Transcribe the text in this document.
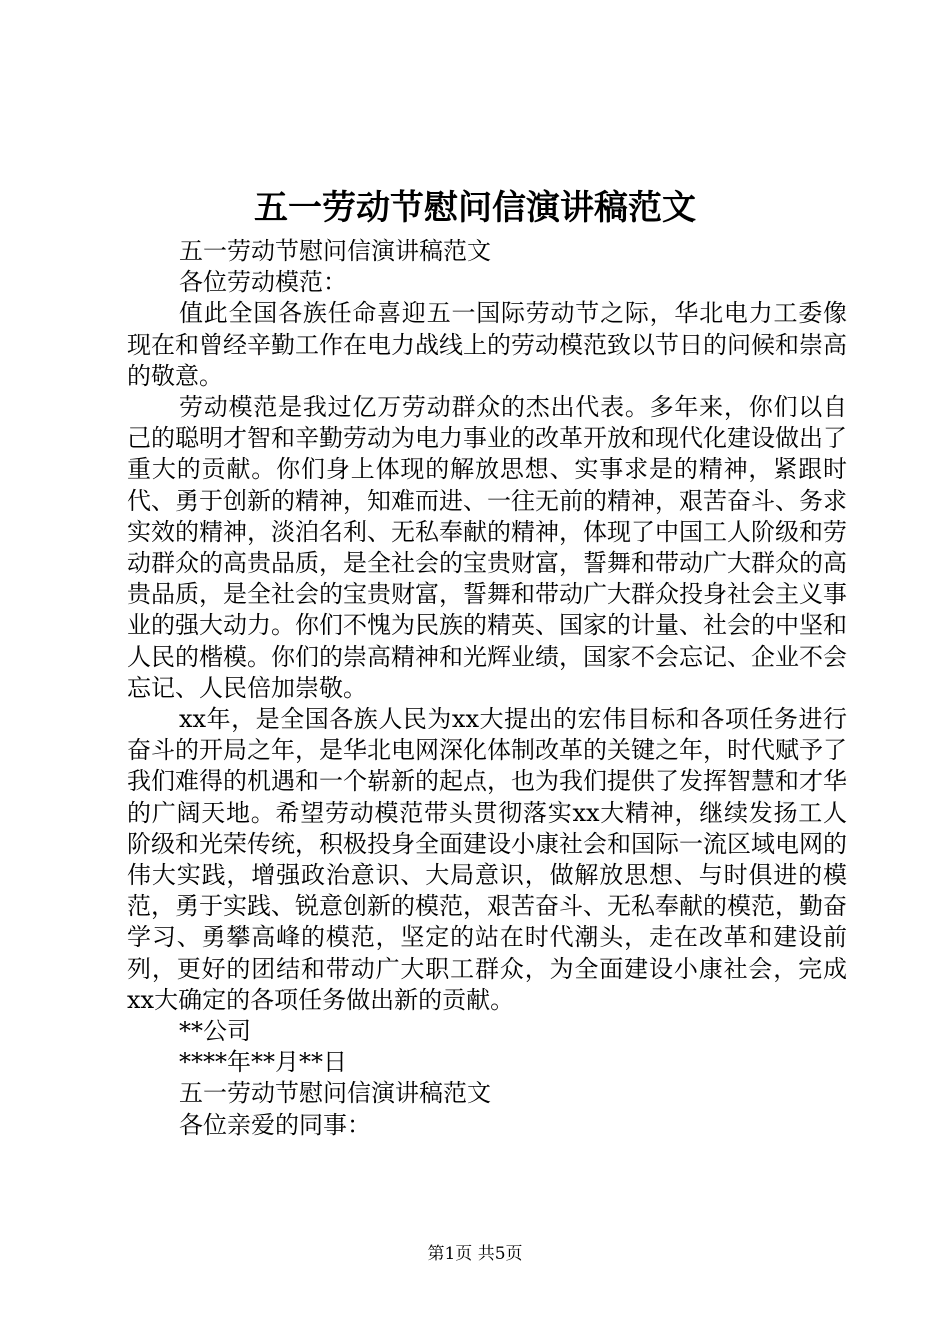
五一劳动节慰问信演讲稿范文

五一劳动节慰问信演讲稿范文

各位劳动模范：

值此全国各族任命喜迎五一国际劳动节之际，华北电力工委像现在和曾经辛勤工作在电力战线上的劳动模范致以节日的问候和崇高的敬意。

劳动模范是我过亿万劳动群众的杰出代表。多年来，你们以自己的聪明才智和辛勤劳动为电力事业的改革开放和现代化建设做出了重大的贡献。你们身上体现的解放思想、实事求是的精神，紧跟时代、勇于创新的精神，知难而进、一往无前的精神，艰苦奋斗、务求实效的精神，淡泊名利、无私奉献的精神，体现了中国工人阶级和劳动群众的高贵品质，是全社会的宝贵财富，誓舞和带动广大群众的高贵品质，是全社会的宝贵财富，誓舞和带动广大群众投身社会主义事业的强大动力。你们不愧为民族的精英、国家的计量、社会的中坚和人民的楷模。你们的崇高精神和光辉业绩，国家不会忘记、企业不会忘记、人民倍加崇敬。

xx年，是全国各族人民为xx大提出的宏伟目标和各项任务进行奋斗的开局之年，是华北电网深化体制改革的关键之年，时代赋予了我们难得的机遇和一个崭新的起点，也为我们提供了发挥智慧和才华的广阔天地。希望劳动模范带头贯彻落实xx大精神，继续发扬工人阶级和光荣传统，积极投身全面建设小康社会和国际一流区域电网的伟大实践，增强政治意识、大局意识，做解放思想、与时俱进的模范，勇于实践、锐意创新的模范，艰苦奋斗、无私奉献的模范，勤奋学习、勇攀高峰的模范，坚定的站在时代潮头，走在改革和建设前列，更好的团结和带动广大职工群众，为全面建设小康社会，完成xx大确定的各项任务做出新的贡献。

**公司

****年**月**日

五一劳动节慰问信演讲稿范文

各位亲爱的同事：

第1页 共5页
